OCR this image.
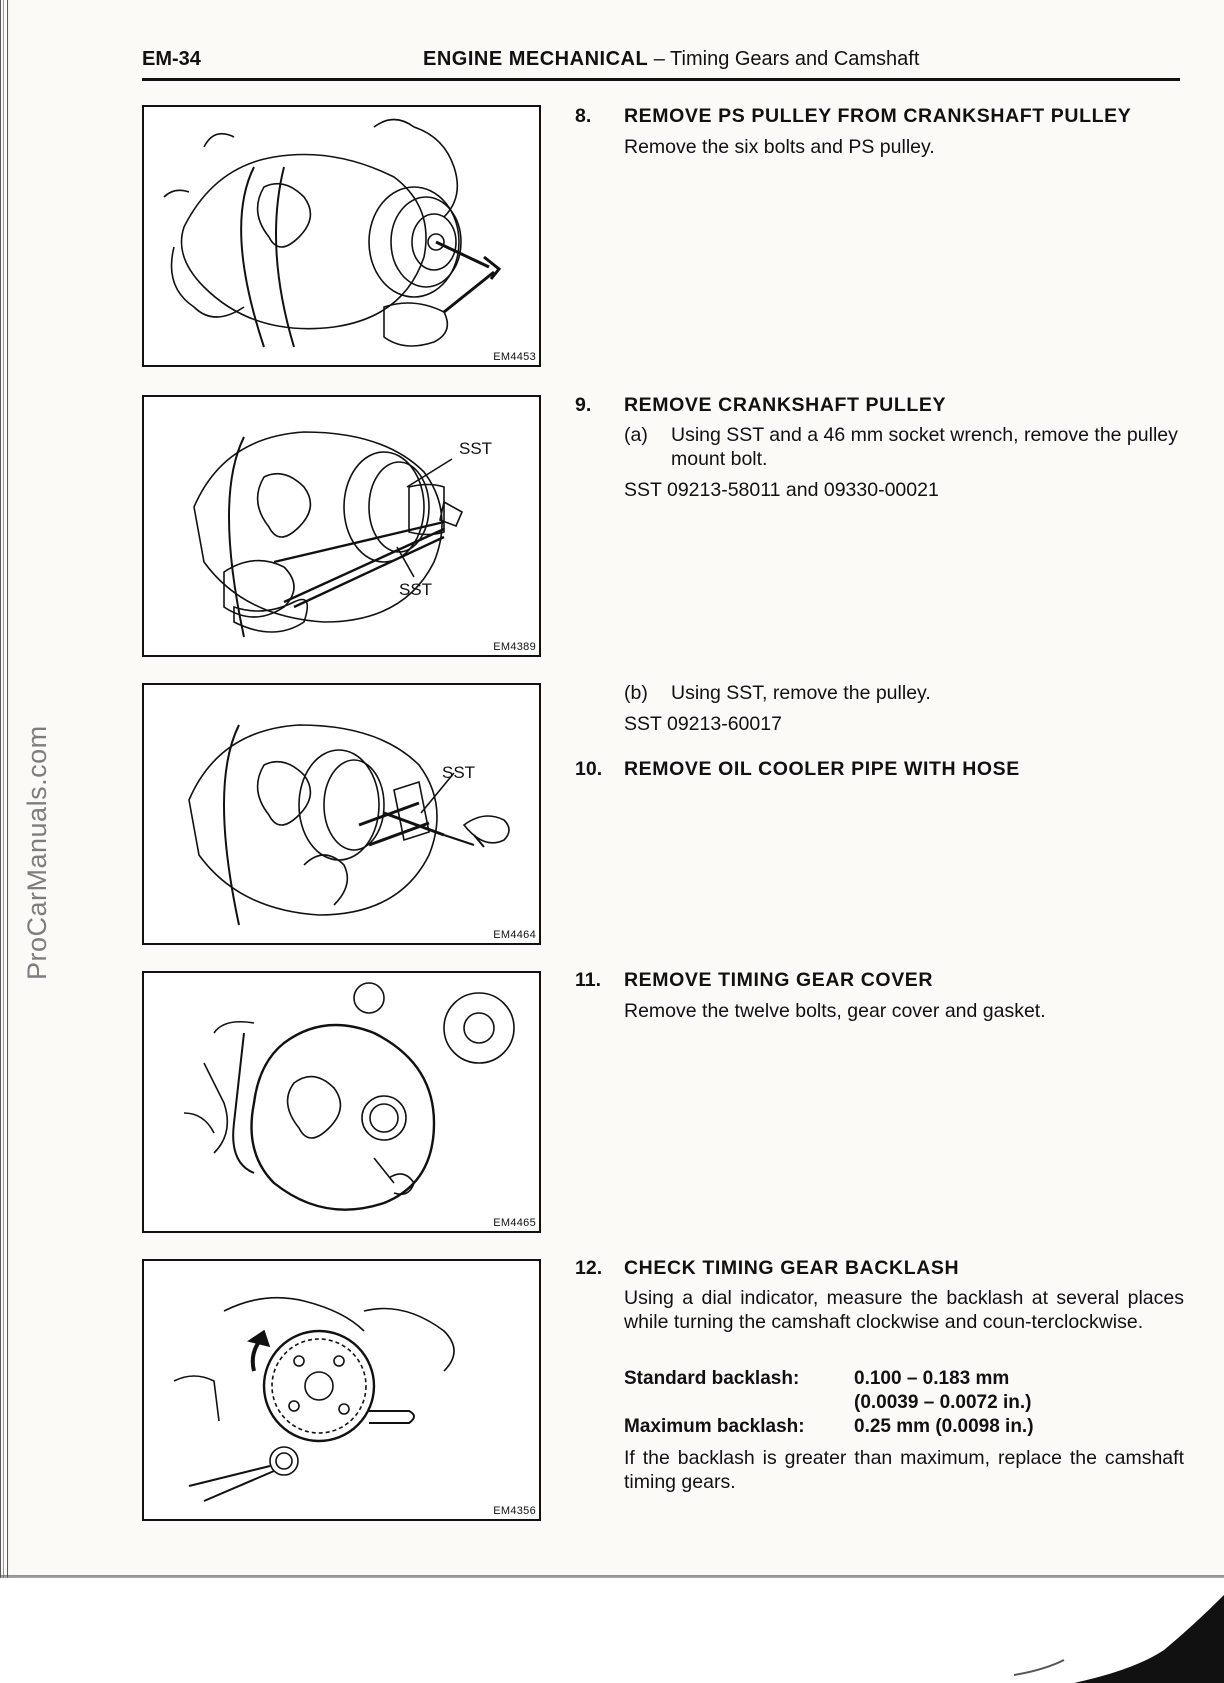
ProCarManuals.com
EM-34	ENGINE MECHANICAL – Timing Gears and Camshaft
EM4453
SST
SST
EM4389
SST
EM4464
EM4465
EM4356
8. REMOVE PS PULLEY FROM CRANKSHAFT PULLEY
Remove the six bolts and PS pulley.
9. REMOVE CRANKSHAFT PULLEY
(a) Using SST and a 46 mm socket wrench, remove the pulley mount bolt.
SST 09213-58011 and 09330-00021
(b) Using SST, remove the pulley.
SST 09213-60017
10. REMOVE OIL COOLER PIPE WITH HOSE
11. REMOVE TIMING GEAR COVER
Remove the twelve bolts, gear cover and gasket.
12. CHECK TIMING GEAR BACKLASH
Using a dial indicator, measure the backlash at several places while turning the camshaft clockwise and coun-terclockwise.
Standard backlash:	0.100 – 0.183 mm
(0.0039 – 0.0072 in.)
Maximum backlash:	0.25 mm (0.0098 in.)
If the backlash is greater than maximum, replace the camshaft timing gears.
